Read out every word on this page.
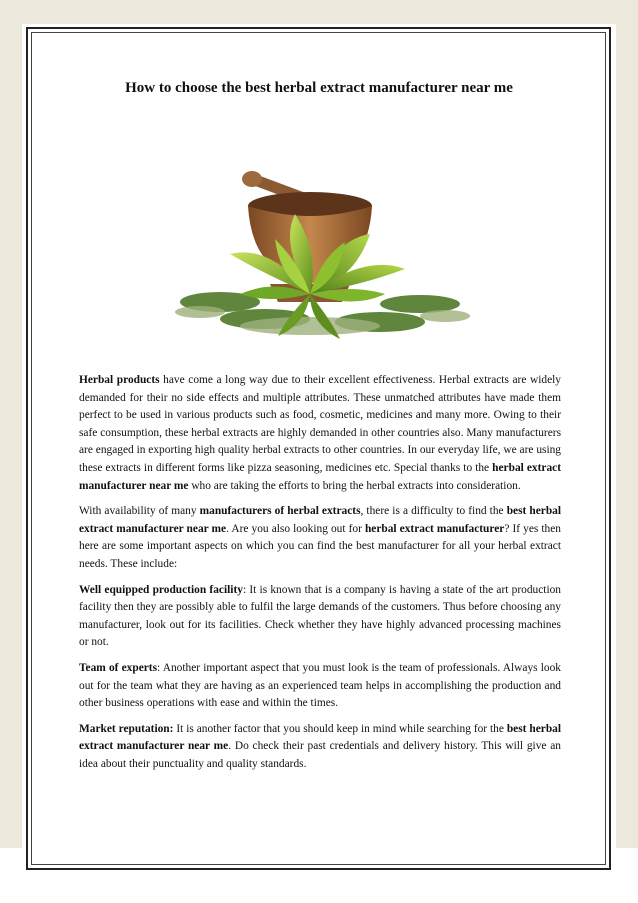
How to choose the best herbal extract manufacturer near me

Herbal products have come a long way due to their excellent effectiveness. Herbal extracts are widely demanded for their no side effects and multiple attributes. These unmatched attributes have made them perfect to be used in various products such as food, cosmetic, medicines and many more. Owing to their safe consumption, these herbal extracts are highly demanded in other countries also. Many manufacturers are engaged in exporting high quality herbal extracts to other countries. In our everyday life, we are using these extracts in different forms like pizza seasoning, medicines etc. Special thanks to the herbal extract manufacturer near me who are taking the efforts to bring the herbal extracts into consideration.

With availability of many manufacturers of herbal extracts, there is a difficulty to find the best herbal extract manufacturer near me. Are you also looking out for herbal extract manufacturer? If yes then here are some important aspects on which you can find the best manufacturer for all your herbal extract needs. These include:

Well equipped production facility: It is known that is a company is having a state of the art production facility then they are possibly able to fulfil the large demands of the customers. Thus before choosing any manufacturer, look out for its facilities. Check whether they have highly advanced processing machines or not.

Team of experts: Another important aspect that you must look is the team of professionals. Always look out for the team what they are having as an experienced team helps in accomplishing the production and other business operations with ease and within the times.

Market reputation: It is another factor that you should keep in mind while searching for the best herbal extract manufacturer near me. Do check their past credentials and delivery history. This will give an idea about their punctuality and quality standards.
